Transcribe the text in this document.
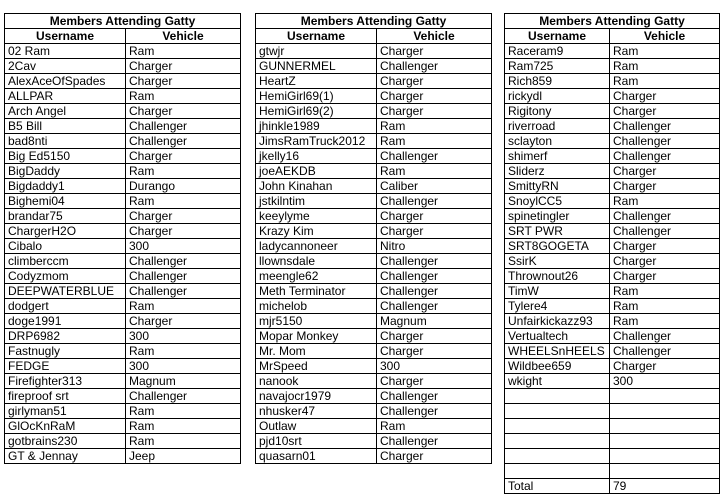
Members Attending Gatty	
Username	Vehicle
02 Ram	Ram
2Cav	Charger
AlexAceOfSpades	Charger
ALLPAR	Ram
Arch Angel	Charger
B5 Bill	Challenger
bad8nti	Challenger
Big Ed5150	Charger
BigDaddy	Ram
Bigdaddy1	Durango
Bighemi04	Ram
brandar75	Charger
ChargerH2O	Charger
Cibalo	300
climberccm	Challenger
Codyzmom	Challenger
DEEPWATERBLUE	Challenger
dodgert	Ram
doge1991	Charger
DRP6982	300
Fastnugly	Ram
FEDGE	300
Firefighter313	Magnum
fireproof srt	Challenger
girlyman51	Ram
GlOcKnRaM	Ram
gotbrains230	Ram
GT & Jennay	Jeep
Members Attending Gatty	
Username	Vehicle
gtwjr	Charger
GUNNERMEL	Challenger
HeartZ	Charger
HemiGirl69(1)	Charger
HemiGirl69(2)	Charger
jhinkle1989	Ram
JimsRamTruck2012	Ram
jkelly16	Challenger
joeAEKDB	Ram
John Kinahan	Caliber
jstkilntim	Challenger
keeylyme	Charger
Krazy Kim	Charger
ladycannoneer	Nitro
llownsdale	Challenger
meengle62	Challenger
Meth Terminator	Challenger
michelob	Challenger
mjr5150	Magnum
Mopar Monkey	Charger
Mr. Mom	Charger
MrSpeed	300
nanook	Charger
navajocr1979	Challenger
nhusker47	Challenger
Outlaw	Ram
pjd10srt	Challenger
quasarn01	Charger
Members Attending Gatty	
Username	Vehicle
Raceram9	Ram
Ram725	Ram
Rich859	Ram
rickydl	Charger
Rigitony	Charger
riverroad	Challenger
sclayton	Challenger
shimerf	Challenger
Sliderz	Charger
SmittyRN	Charger
SnoylCC5	Ram
spinetingler	Challenger
SRT PWR	Challenger
SRT8GOGETA	Charger
SsirK	Charger
Thrownout26	Charger
TimW	Ram
Tylere4	Ram
Unfairkickazz93	Ram
Vertualtech	Challenger
WHEELSnHEELS	Challenger
Wildbee659	Charger
wkight	300

Total	79
